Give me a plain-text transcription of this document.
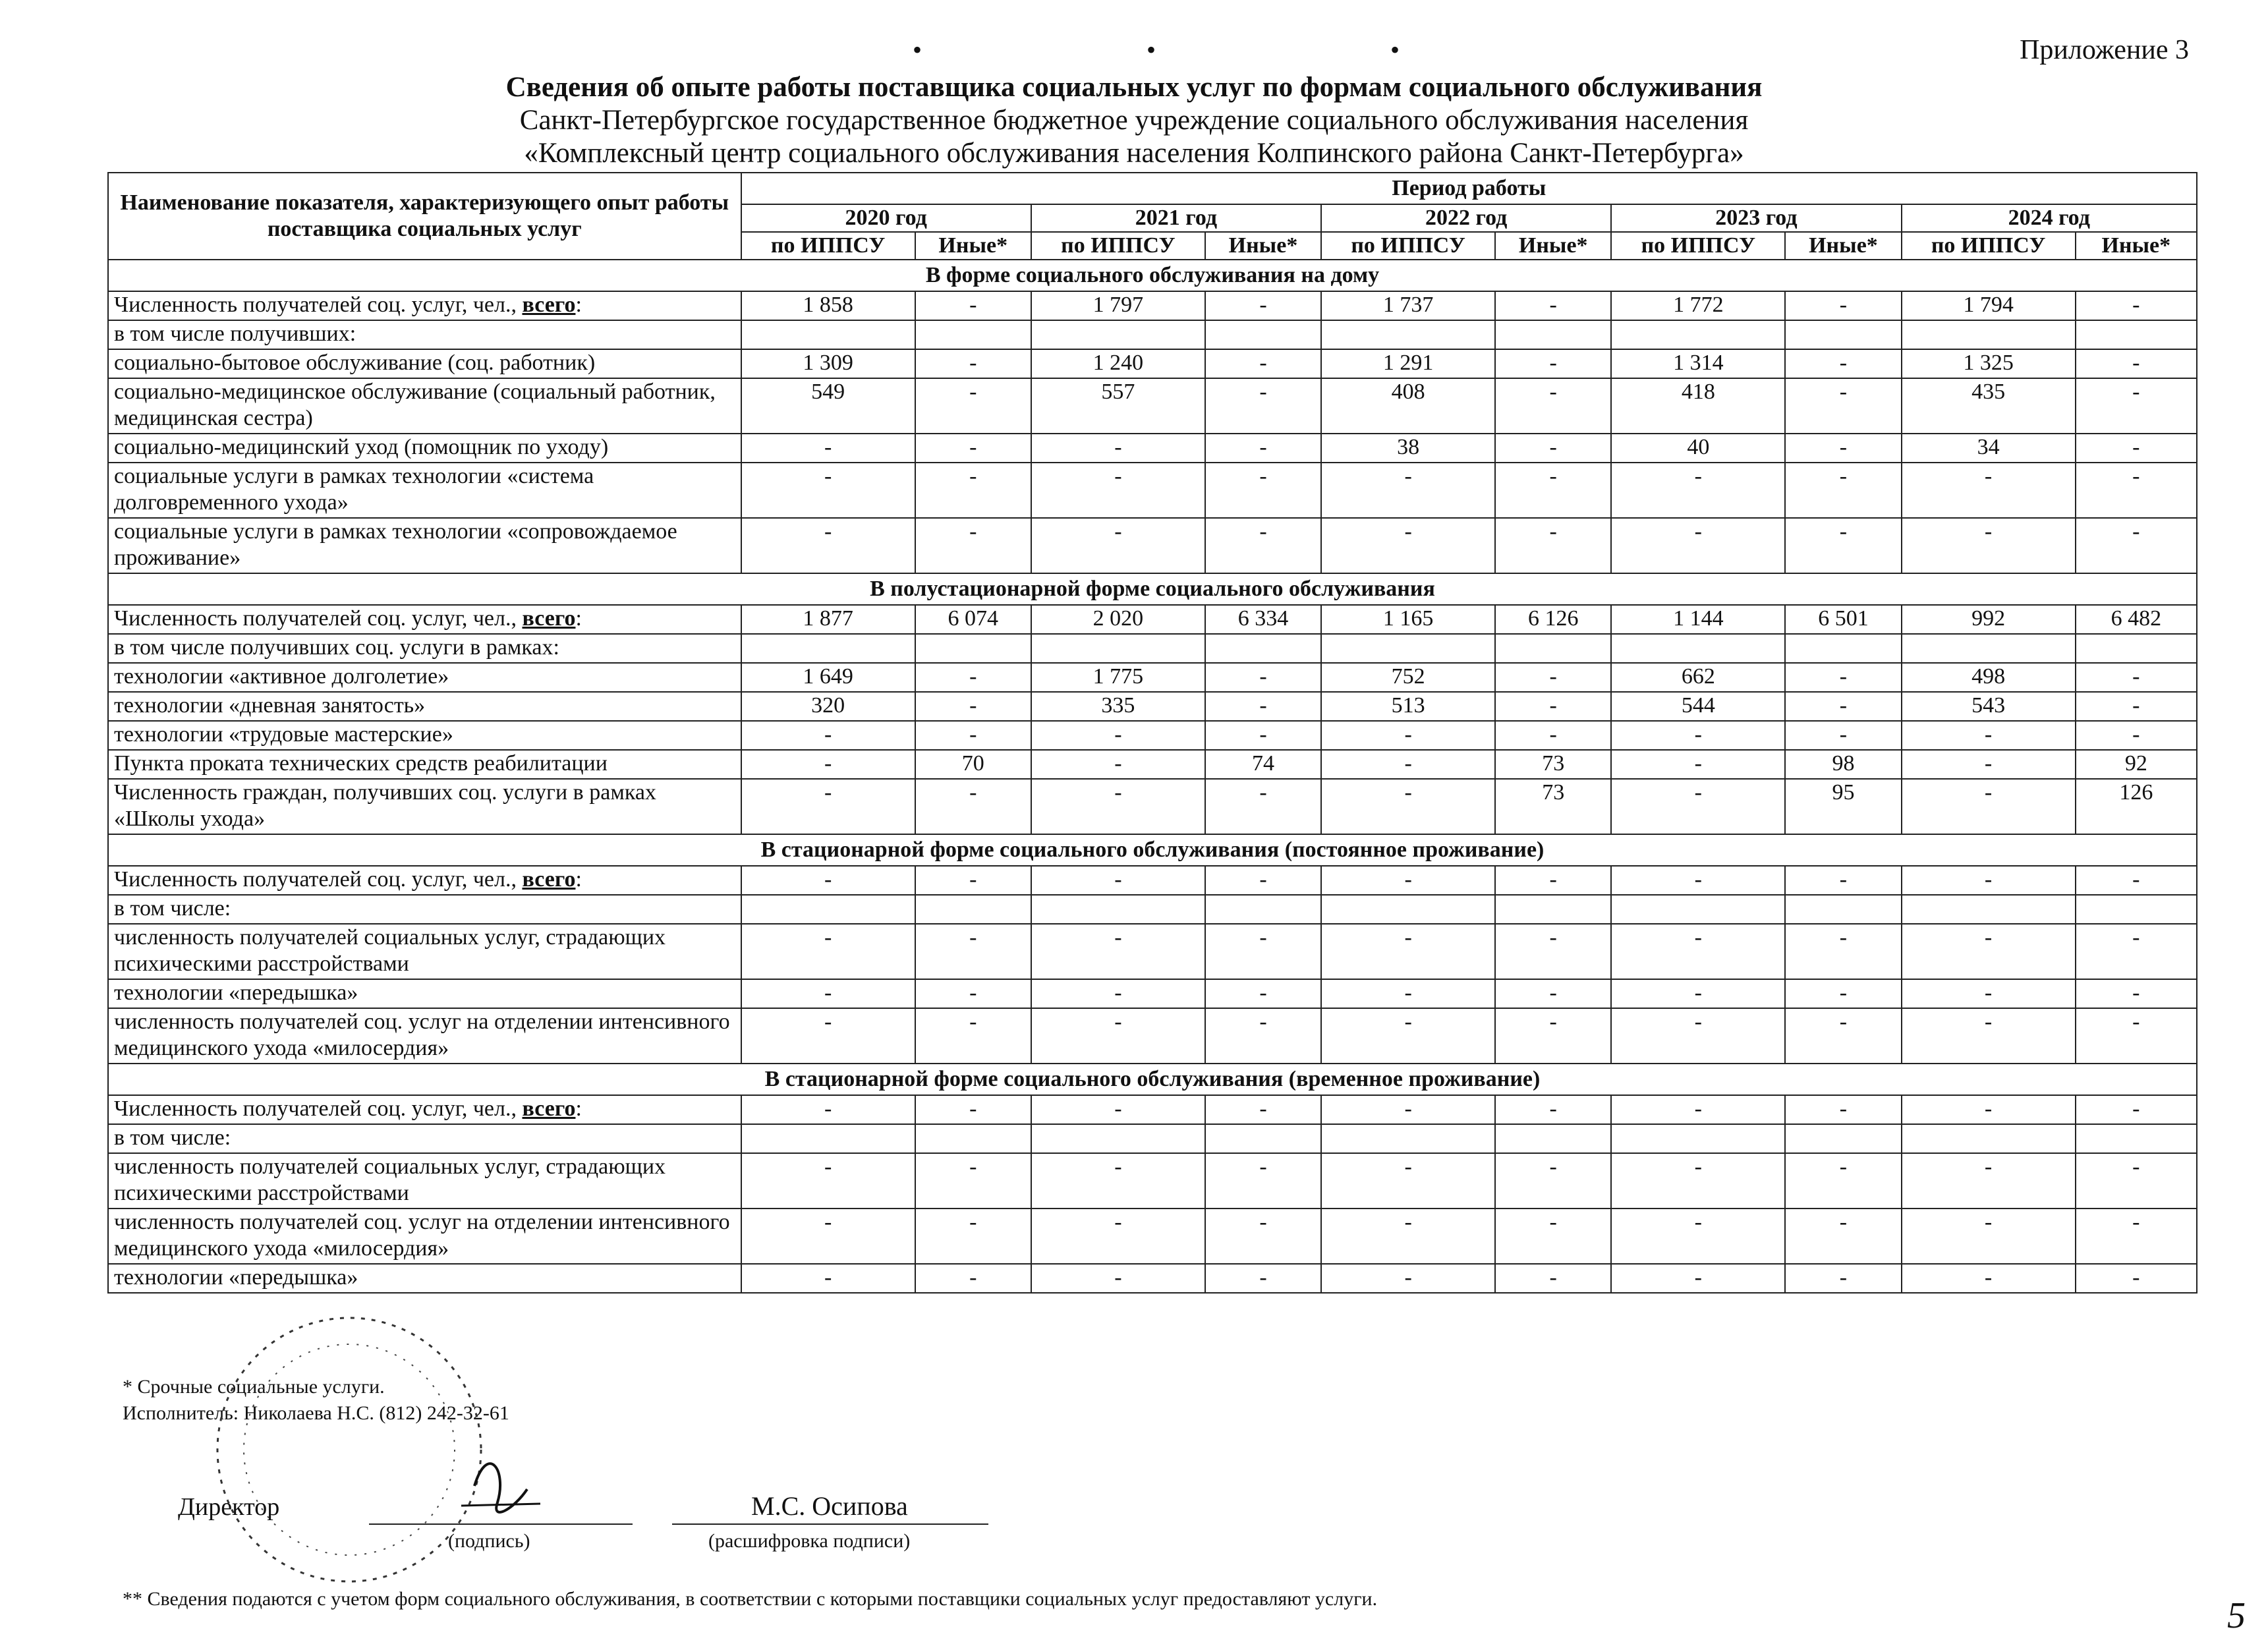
•	•	•	Приложение 3
Сведения об опыте работы поставщика социальных услуг по формам социального обслуживания
Санкт-Петербургское государственное бюджетное учреждение социального обслуживания населения
«Комплексный центр социального обслуживания населения Колпинского района Санкт-Петербурга»
Наименование показателя, характеризующего опыт работы поставщика социальных услуг	Период работы									
	2020 год		2021 год		2022 год		2023 год		2024 год	
	по ИППСУ	Иные*	по ИППСУ	Иные*	по ИППСУ	Иные*	по ИППСУ	Иные*	по ИППСУ	Иные*
В форме социального обслуживания на дому										
Численность получателей соц. услуг, чел., всего:	1 858	-	1 797	-	1 737	-	1 772	-	1 794	-
в том числе получивших:										
социально-бытовое обслуживание (соц. работник)	1 309	-	1 240	-	1 291	-	1 314	-	1 325	-
социально-медицинское обслуживание (социальный работник, медицинская сестра)	549	-	557	-	408	-	418	-	435	-
социально-медицинский уход (помощник по уходу)	-	-	-	-	38	-	40	-	34	-
социальные услуги в рамках технологии «система долговременного ухода»	-	-	-	-	-	-	-	-	-	-
социальные услуги в рамках технологии «сопровождаемое проживание»	-	-	-	-	-	-	-	-	-	-
В полустационарной форме социального обслуживания										
Численность получателей соц. услуг, чел., всего:	1 877	6 074	2 020	6 334	1 165	6 126	1 144	6 501	992	6 482
в том числе получивших соц. услуги в рамках:										
технологии «активное долголетие»	1 649	-	1 775	-	752	-	662	-	498	-
технологии «дневная занятость»	320	-	335	-	513	-	544	-	543	-
технологии «трудовые мастерские»	-	-	-	-	-	-	-	-	-	-
Пункта проката технических средств реабилитации	-	70	-	74	-	73	-	98	-	92
Численность граждан, получивших соц. услуги в рамках «Школы ухода»	-	-	-	-	-	73	-	95	-	126
В стационарной форме социального обслуживания (постоянное проживание)										
Численность получателей соц. услуг, чел., всего:	-	-	-	-	-	-	-	-	-	-
в том числе:										
численность получателей социальных услуг, страдающих психическими расстройствами	-	-	-	-	-	-	-	-	-	-
технологии «передышка»	-	-	-	-	-	-	-	-	-	-
численность получателей соц. услуг на отделении интенсивного медицинского ухода «милосердия»	-	-	-	-	-	-	-	-	-	-
В стационарной форме социального обслуживания (временное проживание)										
Численность получателей соц. услуг, чел., всего:	-	-	-	-	-	-	-	-	-	-
в том числе:										
численность получателей социальных услуг, страдающих психическими расстройствами	-	-	-	-	-	-	-	-	-	-
численность получателей соц. услуг на отделении интенсивного медицинского ухода «милосердия»	-	-	-	-	-	-	-	-	-	-
технологии «передышка»	-	-	-	-	-	-	-	-	-	-
* Срочные социальные услуги.
Исполнитель: Николаева Н.С. (812) 242-32-61
Директор
(подпись)
М.С. Осипова
(расшифровка подписи)
** Сведения подаются с учетом форм социального обслуживания, в соответствии с которыми поставщики социальных услуг предоставляют услуги.	5
